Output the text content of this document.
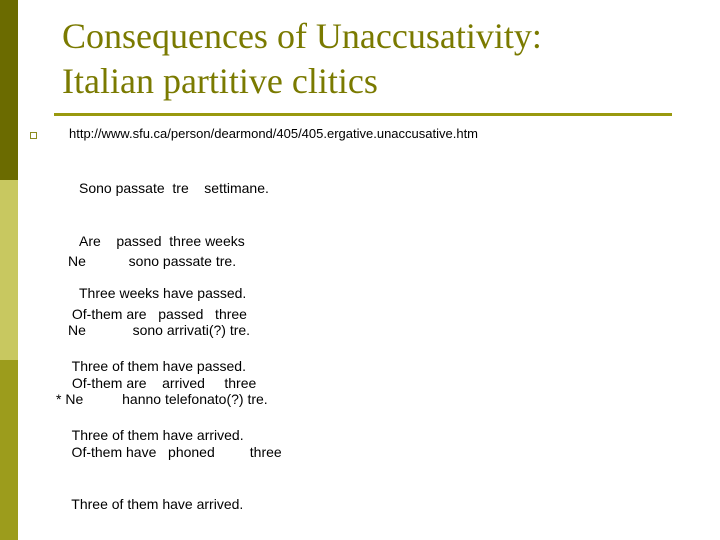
Consequences of Unaccusativity:
Italian partitive clitics
http://www.sfu.ca/person/dearmond/405/405.ergative.unaccusative.htm

Sono passate  tre    settimane.

Are    passed  three weeks

Three weeks have passed.

Ne           sono passate tre.

Of-them are   passed   three

Three of them have passed.

Ne            sono arrivati(?) tre.

Of-them are    arrived     three

Three of them have arrived.

* Ne          hanno telefonato(?) tre.

Of-them have   phoned         three

Three of them have arrived.
